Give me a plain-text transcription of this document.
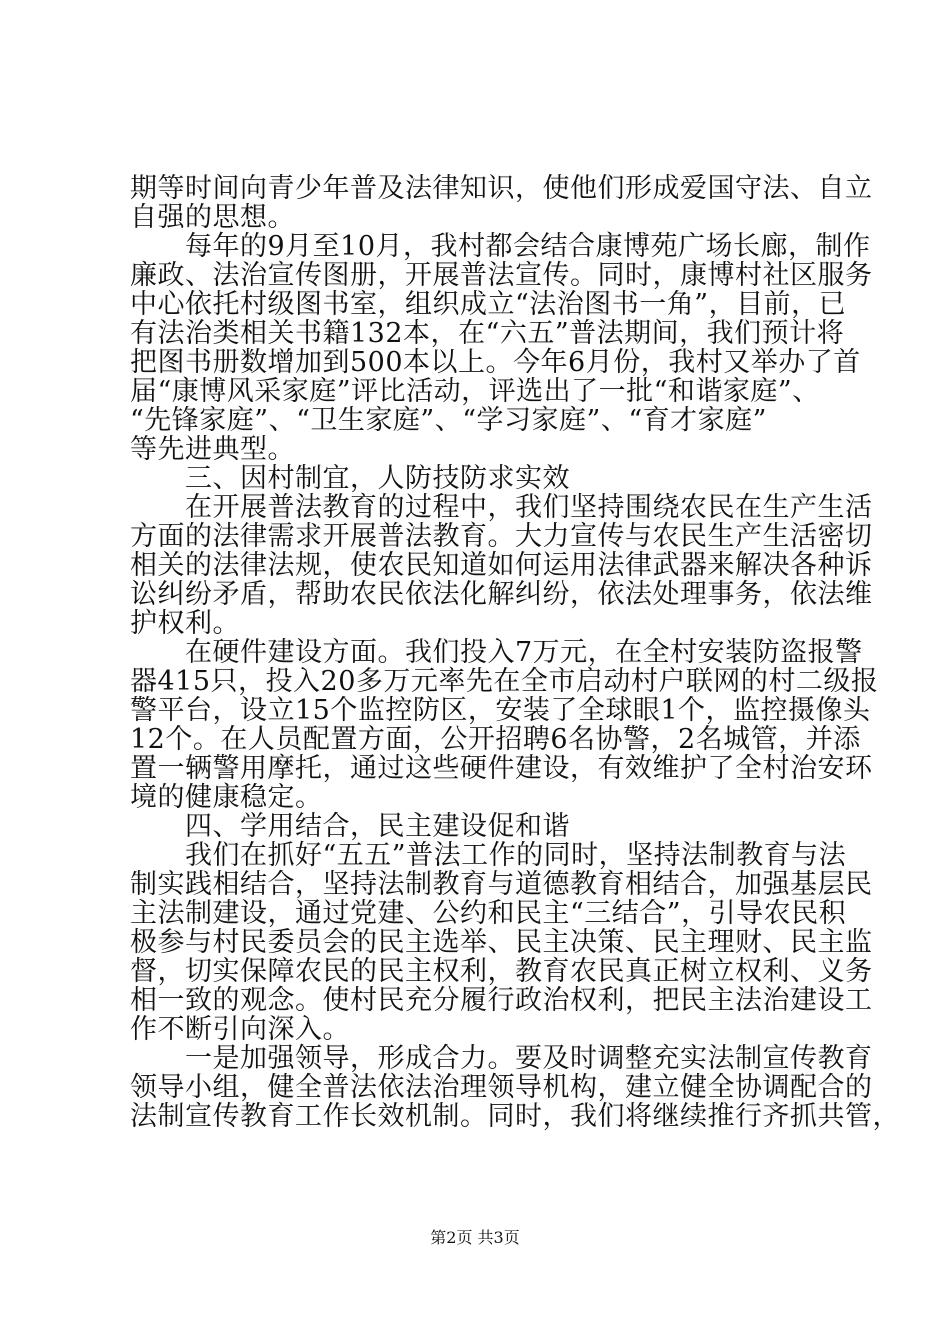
期等时间向青少年普及法律知识，使他们形成爱国守法、自立
自强的思想。
　　每年的9月至10月，我村都会结合康博苑广场长廊，制作
廉政、法治宣传图册，开展普法宣传。同时，康博村社区服务
中心依托村级图书室，组织成立“法治图书一角”，目前，已
有法治类相关书籍132本，在“六五”普法期间，我们预计将
把图书册数增加到500本以上。今年6月份，我村又举办了首
届“康博风采家庭”评比活动，评选出了一批“和谐家庭”、
“先锋家庭”、“卫生家庭”、“学习家庭”、“育才家庭”
等先进典型。
　　三、因村制宜，人防技防求实效
　　在开展普法教育的过程中，我们坚持围绕农民在生产生活
方面的法律需求开展普法教育。大力宣传与农民生产生活密切
相关的法律法规，使农民知道如何运用法律武器来解决各种诉
讼纠纷矛盾，帮助农民依法化解纠纷，依法处理事务，依法维
护权利。
　　在硬件建设方面。我们投入7万元，在全村安装防盗报警
器415只，投入20多万元率先在全市启动村户联网的村二级报
警平台，设立15个监控防区，安装了全球眼1个，监控摄像头
12个。在人员配置方面，公开招聘6名协警，2名城管，并添
置一辆警用摩托，通过这些硬件建设，有效维护了全村治安环
境的健康稳定。
　　四、学用结合，民主建设促和谐
　　我们在抓好“五五”普法工作的同时，坚持法制教育与法
制实践相结合，坚持法制教育与道德教育相结合，加强基层民
主法制建设，通过党建、公约和民主“三结合”，引导农民积
极参与村民委员会的民主选举、民主决策、民主理财、民主监
督，切实保障农民的民主权利，教育农民真正树立权利、义务
相一致的观念。使村民充分履行政治权利，把民主法治建设工
作不断引向深入。
　　一是加强领导，形成合力。要及时调整充实法制宣传教育
领导小组，健全普法依法治理领导机构，建立健全协调配合的
法制宣传教育工作长效机制。同时，我们将继续推行齐抓共管，
第2页 共3页
